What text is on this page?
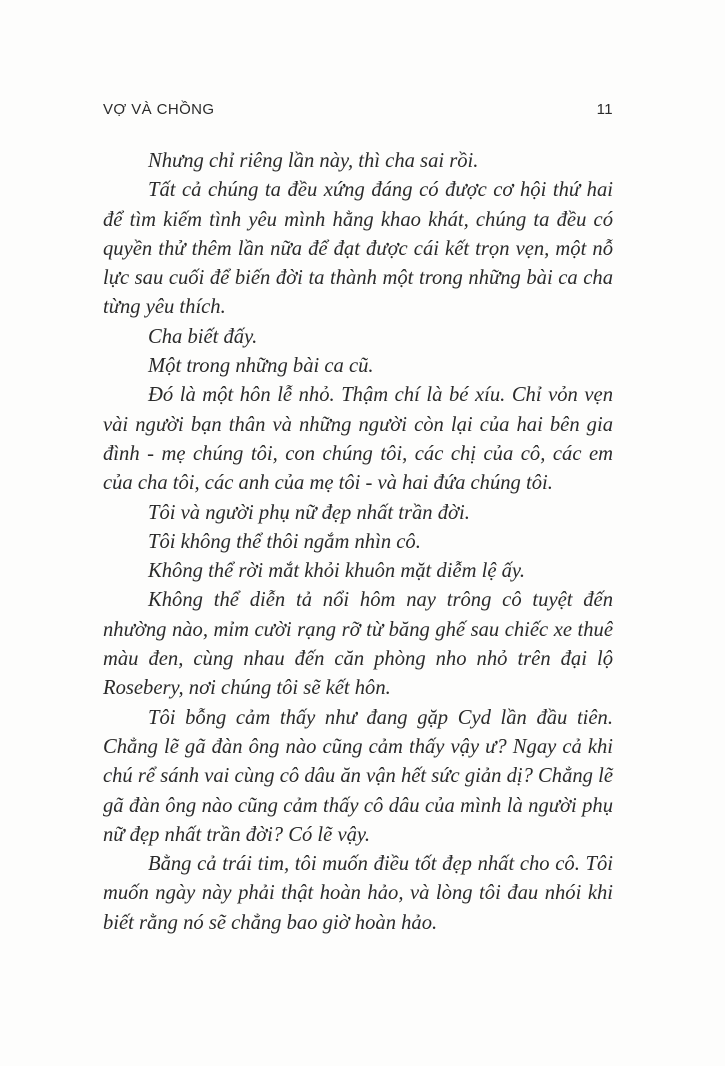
VỢ VÀ CHỒNG	11

Nhưng chỉ riêng lần này, thì cha sai rồi.

Tất cả chúng ta đều xứng đáng có được cơ hội thứ hai để tìm kiếm tình yêu mình hằng khao khát, chúng ta đều có quyền thử thêm lần nữa để đạt được cái kết trọn vẹn, một nỗ lực sau cuối để biến đời ta thành một trong những bài ca cha từng yêu thích.

Cha biết đấy.

Một trong những bài ca cũ.

Đó là một hôn lễ nhỏ. Thậm chí là bé xíu. Chỉ vỏn vẹn vài người bạn thân và những người còn lại của hai bên gia đình - mẹ chúng tôi, con chúng tôi, các chị của cô, các em của cha tôi, các anh của mẹ tôi - và hai đứa chúng tôi.

Tôi và người phụ nữ đẹp nhất trần đời.

Tôi không thể thôi ngắm nhìn cô.

Không thể rời mắt khỏi khuôn mặt diễm lệ ấy.

Không thể diễn tả nổi hôm nay trông cô tuyệt đến nhường nào, mỉm cười rạng rỡ từ băng ghế sau chiếc xe thuê màu đen, cùng nhau đến căn phòng nho nhỏ trên đại lộ Rosebery, nơi chúng tôi sẽ kết hôn.

Tôi bỗng cảm thấy như đang gặp Cyd lần đầu tiên. Chẳng lẽ gã đàn ông nào cũng cảm thấy vậy ư? Ngay cả khi chú rể sánh vai cùng cô dâu ăn vận hết sức giản dị? Chẳng lẽ gã đàn ông nào cũng cảm thấy cô dâu của mình là người phụ nữ đẹp nhất trần đời? Có lẽ vậy.

Bằng cả trái tim, tôi muốn điều tốt đẹp nhất cho cô. Tôi muốn ngày này phải thật hoàn hảo, và lòng tôi đau nhói khi biết rằng nó sẽ chẳng bao giờ hoàn hảo.
